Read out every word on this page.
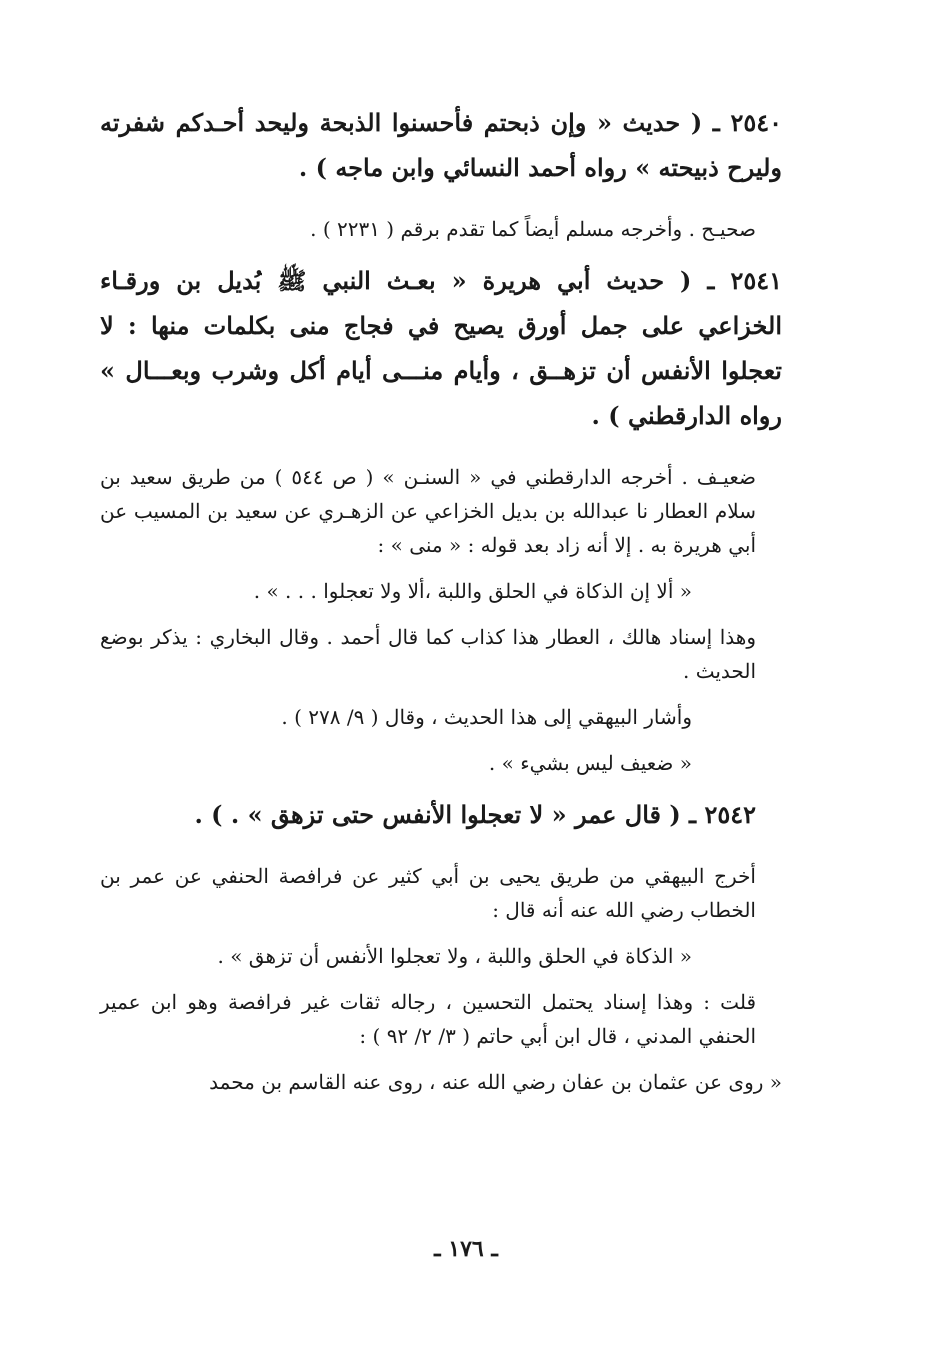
٢٥٤٠ ـ ( حديث « وإن ذبحتم فأحسنوا الذبحة وليحد أحـدكم شفرته وليرح ذبيحته » رواه أحمد النسائي وابن ماجه ) .

صحيـح . وأخرجه مسلم أيضاً كما تقدم برقم ( ٢٢٣١ ) .

٢٥٤١ ـ ( حديث أبي هريرة « بعـث النبي ﷺ بُديل بن ورقـاء الخزاعي على جمل أورق يصيح في فجاج منى بكلمات منها : لا تعجلوا الأنفس أن تزهــق ، وأيام منـــى أيام أكل وشرب وبعـــال » رواه الدارقطني ) .

ضعيـف . أخرجه الدارقطني في « السنـن » ( ص ٥٤٤ ) من طريق سعيد بن سلام العطار نا عبدالله بن بديل الخزاعي عن الزهـري عن سعيد بن المسيب عن أبي هريرة به . إلا أنه زاد بعد قوله : « منى » :

« ألا إن الذكاة في الحلق واللبة ،ألا ولا تعجلوا . . . » .

وهذا إسناد هالك ، العطار هذا كذاب كما قال أحمد . وقال البخاري : يذكر بوضع الحديث .

وأشار البيهقي إلى هذا الحديث ، وقال ( ٩/ ٢٧٨ ) .

« ضعيف ليس بشيء » .

٢٥٤٢ ـ ( قال عمر « لا تعجلوا الأنفس حتى تزهق » . ) .

أخرج البيهقي من طريق يحيى بن أبي كثير عن فرافصة الحنفي عن عمر بن الخطاب رضي الله عنه أنه قال :

« الذكاة في الحلق واللبة ، ولا تعجلوا الأنفس أن تزهق » .

قلت : وهذا إسناد يحتمل التحسين ، رجاله ثقات غير فرافصة وهو ابن عمير الحنفي المدني ، قال ابن أبي حاتم ( ٣/ ٢/ ٩٢ ) :

« روى عن عثمان بن عفان رضي الله عنه ، روى عنه القاسم بن محمد

ـ ١٧٦ ـ
